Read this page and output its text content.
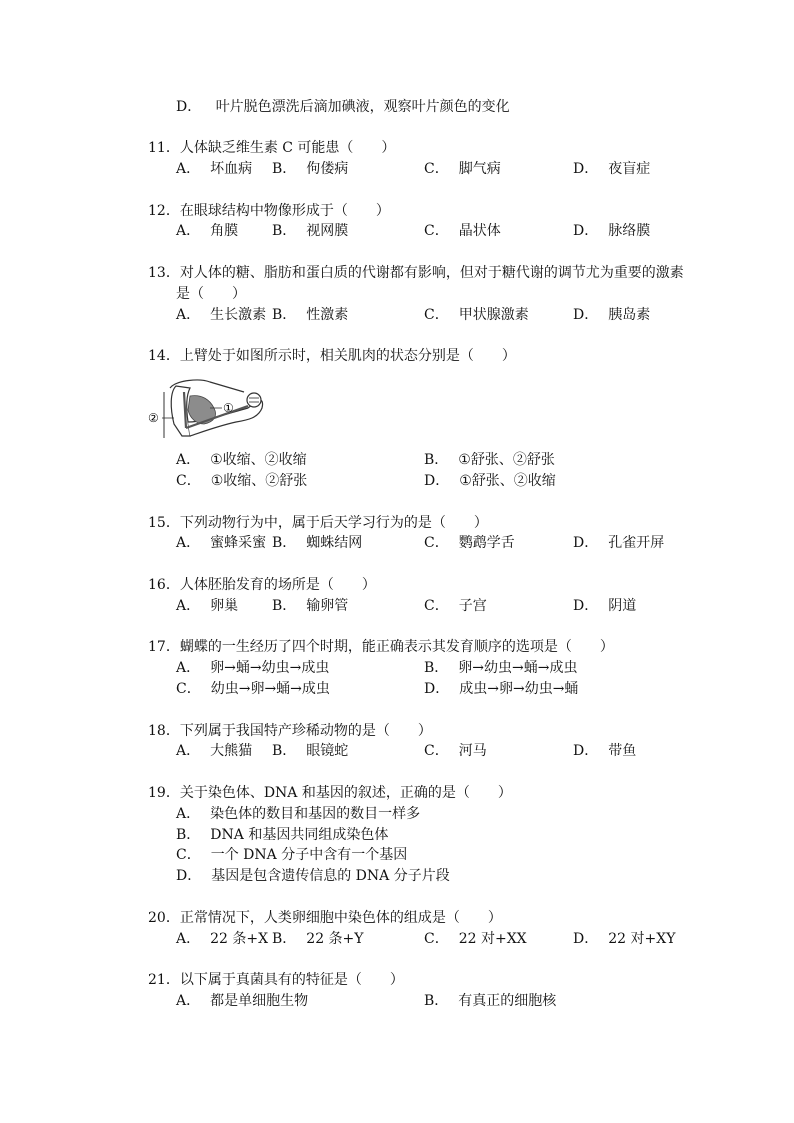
D． 叶片脱色漂洗后滴加碘液，观察叶片颜色的变化
11．人体缺乏维生素 C 可能患（　　）
A． 坏血病 B． 佝偻病	C． 脚气病	D． 夜盲症
12．在眼球结构中物像形成于（　　）
A． 角膜 B． 视网膜	C． 晶状体	D． 脉络膜
13．对人体的糖、脂肪和蛋白质的代谢都有影响，但对于糖代谢的调节尤为重要的激素
是（　　）
A． 生长激素 B． 性激素	C． 甲状腺激素	D． 胰岛素
14．上臂处于如图所示时，相关肌肉的状态分别是（　　）
①
②
A． ①收缩、②收缩	B． ①舒张、②舒张
C． ①收缩、②舒张	D． ①舒张、②收缩
15．下列动物行为中，属于后天学习行为的是（　　）
A． 蜜蜂采蜜 B． 蜘蛛结网	C． 鹦鹉学舌	D． 孔雀开屏
16．人体胚胎发育的场所是（　　）
A． 卵巢 B． 输卵管	C． 子宫	D． 阴道
17．蝴蝶的一生经历了四个时期，能正确表示其发育顺序的选项是（　　）
A． 卵→蛹→幼虫→成虫	B． 卵→幼虫→蛹→成虫
C． 幼虫→卵→蛹→成虫	D． 成虫→卵→幼虫→蛹
18．下列属于我国特产珍稀动物的是（　　）
A． 大熊猫 B． 眼镜蛇	C． 河马	D． 带鱼
19．关于染色体、DNA 和基因的叙述，正确的是（　　）
A． 染色体的数目和基因的数目一样多
B． DNA 和基因共同组成染色体
C． 一个 DNA 分子中含有一个基因
D． 基因是包含遗传信息的 DNA 分子片段
20．正常情况下，人类卵细胞中染色体的组成是（　　）
A． 22 条+X B． 22 条+Y	C． 22 对+XX	D． 22 对+XY
21．以下属于真菌具有的特征是（　　）
A． 都是单细胞生物	B． 有真正的细胞核
